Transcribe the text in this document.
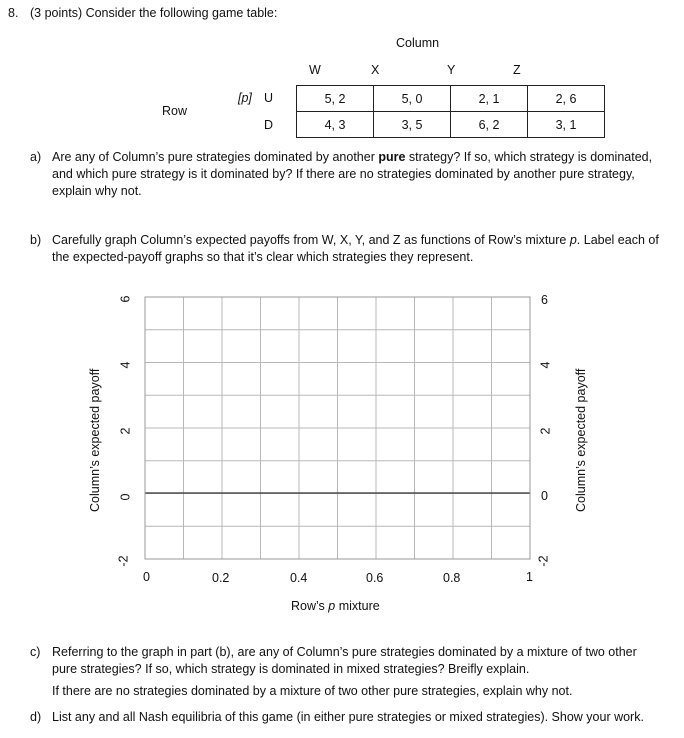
8. (3 points) Consider the following game table:
Column
W	X	Y	Z
Row
[p] U
D
5, 2	5, 0	2, 1	2, 6
4, 3	3, 5	6, 2	3, 1
a) Are any of Column’s pure strategies dominated by another pure strategy? If so, which strategy is dominated,
and which pure strategy is it dominated by? If there are no strategies dominated by another pure strategy,
explain why not.
b) Carefully graph Column’s expected payoffs from W, X, Y, and Z as functions of Row’s mixture p. Label each of
the expected-payoff graphs so that it’s clear which strategies they represent.
6
4
2
0
-2
6
4
2
0
-2
Column’s expected payoff	Column’s expected payoff
0	0.2	0.4	0.6	0.8	1
Row’s p mixture
c) Referring to the graph in part (b), are any of Column’s pure strategies dominated by a mixture of two other
pure strategies? If so, which strategy is dominated in mixed strategies? Breifly explain.
If there are no strategies dominated by a mixture of two other pure strategies, explain why not.
d) List any and all Nash equilibria of this game (in either pure strategies or mixed strategies). Show your work.
